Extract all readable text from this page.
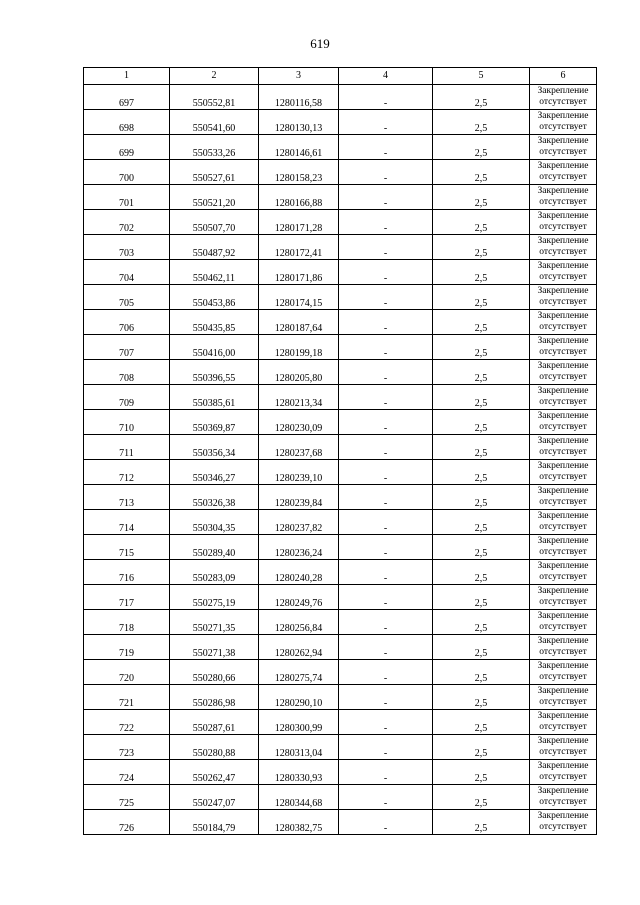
619
1	2	3	4	5	6
697	550552,81	1280116,58	-	2,5	Закрепление отсутствует
698	550541,60	1280130,13	-	2,5	Закрепление отсутствует
699	550533,26	1280146,61	-	2,5	Закрепление отсутствует
700	550527,61	1280158,23	-	2,5	Закрепление отсутствует
701	550521,20	1280166,88	-	2,5	Закрепление отсутствует
702	550507,70	1280171,28	-	2,5	Закрепление отсутствует
703	550487,92	1280172,41	-	2,5	Закрепление отсутствует
704	550462,11	1280171,86	-	2,5	Закрепление отсутствует
705	550453,86	1280174,15	-	2,5	Закрепление отсутствует
706	550435,85	1280187,64	-	2,5	Закрепление отсутствует
707	550416,00	1280199,18	-	2,5	Закрепление отсутствует
708	550396,55	1280205,80	-	2,5	Закрепление отсутствует
709	550385,61	1280213,34	-	2,5	Закрепление отсутствует
710	550369,87	1280230,09	-	2,5	Закрепление отсутствует
711	550356,34	1280237,68	-	2,5	Закрепление отсутствует
712	550346,27	1280239,10	-	2,5	Закрепление отсутствует
713	550326,38	1280239,84	-	2,5	Закрепление отсутствует
714	550304,35	1280237,82	-	2,5	Закрепление отсутствует
715	550289,40	1280236,24	-	2,5	Закрепление отсутствует
716	550283,09	1280240,28	-	2,5	Закрепление отсутствует
717	550275,19	1280249,76	-	2,5	Закрепление отсутствует
718	550271,35	1280256,84	-	2,5	Закрепление отсутствует
719	550271,38	1280262,94	-	2,5	Закрепление отсутствует
720	550280,66	1280275,74	-	2,5	Закрепление отсутствует
721	550286,98	1280290,10	-	2,5	Закрепление отсутствует
722	550287,61	1280300,99	-	2,5	Закрепление отсутствует
723	550280,88	1280313,04	-	2,5	Закрепление отсутствует
724	550262,47	1280330,93	-	2,5	Закрепление отсутствует
725	550247,07	1280344,68	-	2,5	Закрепление отсутствует
726	550184,79	1280382,75	-	2,5	Закрепление отсутствует
